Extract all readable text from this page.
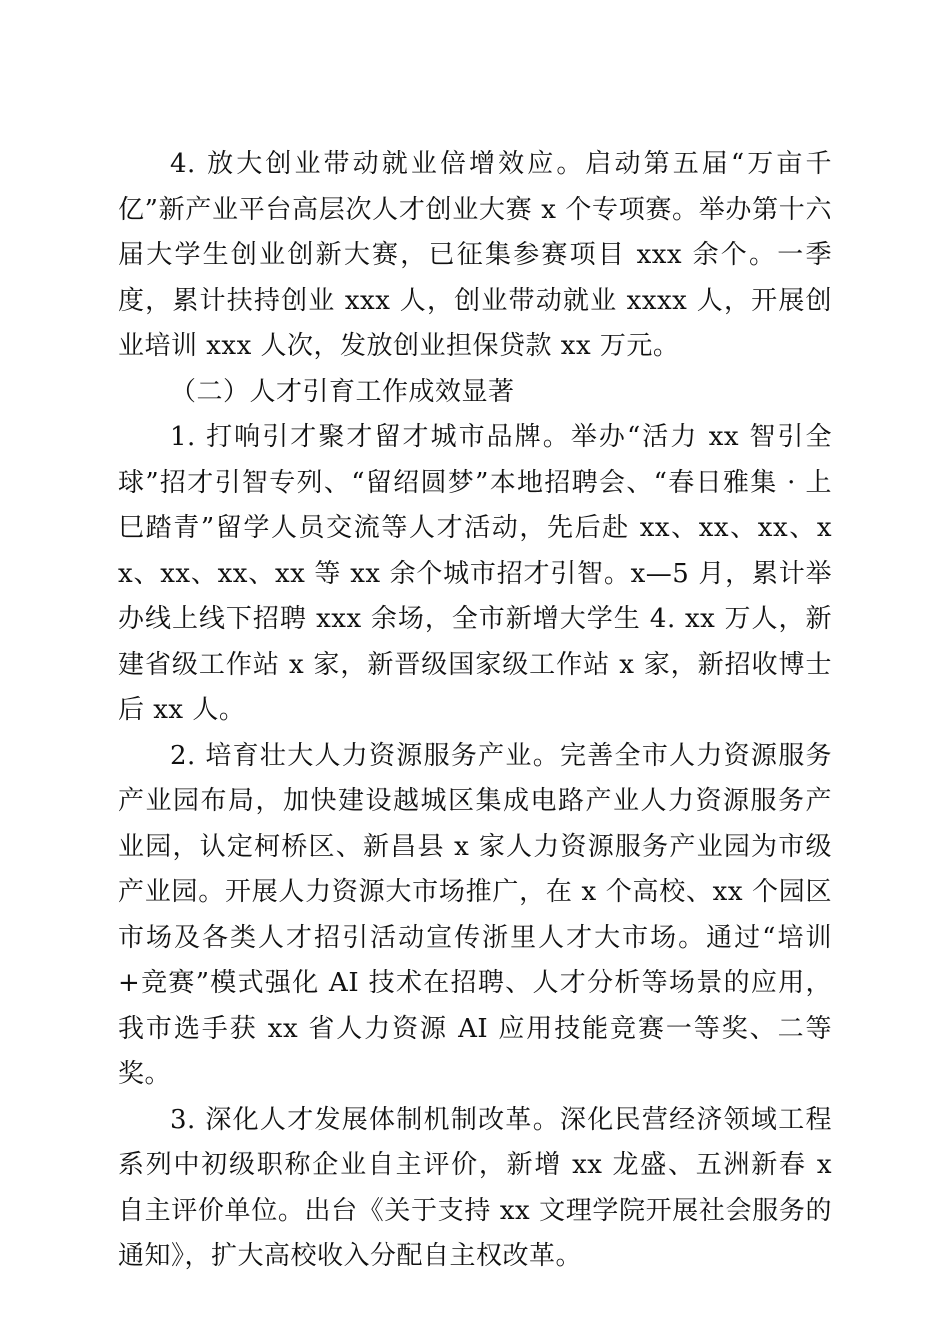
4. 放大创业带动就业倍增效应。启动第五届“万亩千亿”新产业平台高层次人才创业大赛 x 个专项赛。举办第十六届大学生创业创新大赛，已征集参赛项目 xxx 余个。一季度，累计扶持创业 xxx 人，创业带动就业 xxxx 人，开展创业培训 xxx 人次，发放创业担保贷款 xx 万元。

（二）人才引育工作成效显著

1. 打响引才聚才留才城市品牌。举办“活力 xx 智引全球”招才引智专列、“留绍圆梦”本地招聘会、“春日雅集 · 上巳踏青”留学人员交流等人才活动，先后赴 xx、xx、xx、xx、xx、xx、xx 等 xx 余个城市招才引智。x—5 月，累计举办线上线下招聘 xxx 余场，全市新增大学生 4. xx 万人，新建省级工作站 x 家，新晋级国家级工作站 x 家，新招收博士后 xx 人。

2. 培育壮大人力资源服务产业。完善全市人力资源服务产业园布局，加快建设越城区集成电路产业人力资源服务产业园，认定柯桥区、新昌县 x 家人力资源服务产业园为市级产业园。开展人力资源大市场推广，在 x 个高校、xx 个园区市场及各类人才招引活动宣传浙里人才大市场。通过“培训+竞赛”模式强化 AI 技术在招聘、人才分析等场景的应用，我市选手获 xx 省人力资源 AI 应用技能竞赛一等奖、二等奖。

3. 深化人才发展体制机制改革。深化民营经济领域工程系列中初级职称企业自主评价，新增 xx 龙盛、五洲新春 x 自主评价单位。出台《关于支持 xx 文理学院开展社会服务的通知》，扩大高校收入分配自主权改革。
